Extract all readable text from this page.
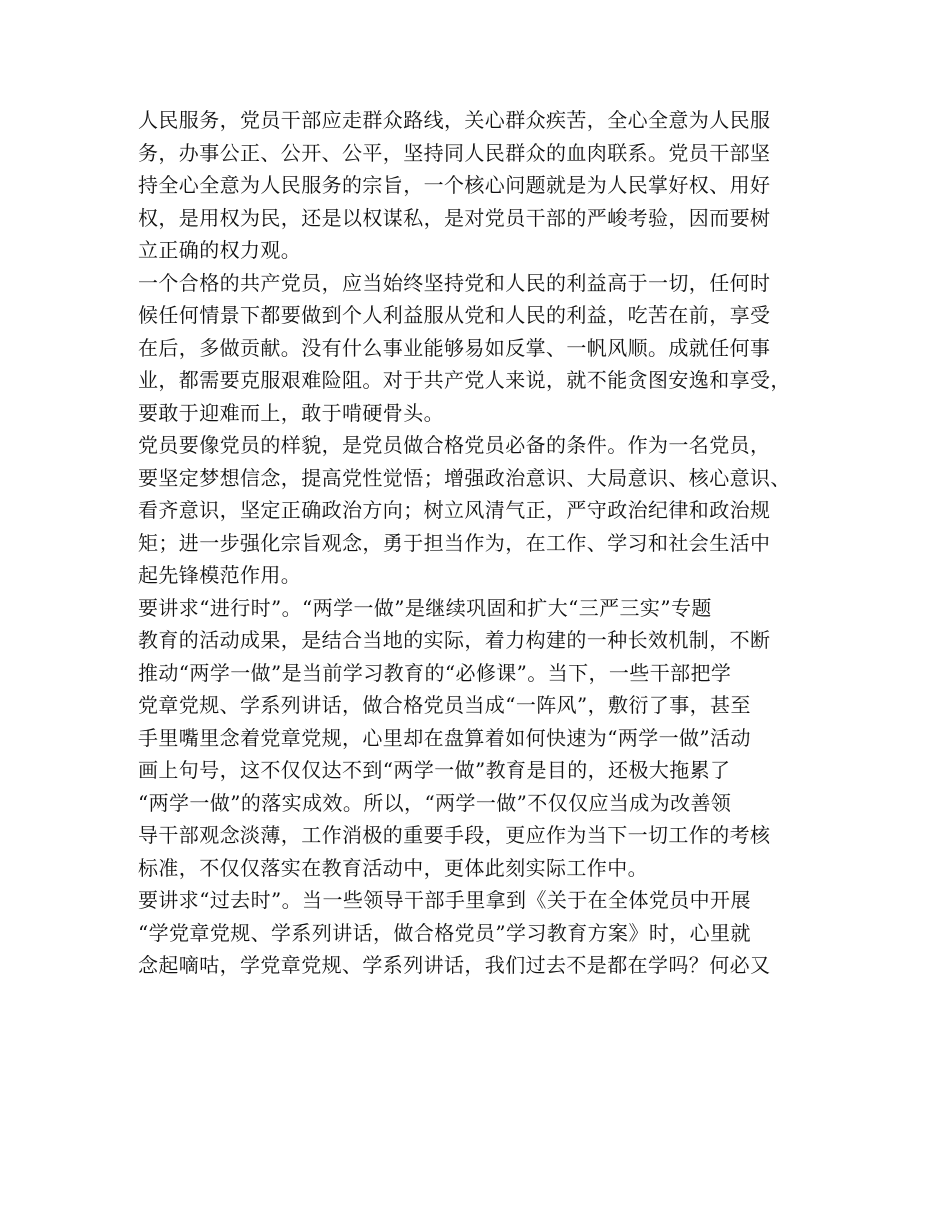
人民服务，党员干部应走群众路线，关心群众疾苦，全心全意为人民服
务，办事公正、公开、公平，坚持同人民群众的血肉联系。党员干部坚
持全心全意为人民服务的宗旨，一个核心问题就是为人民掌好权、用好
权，是用权为民，还是以权谋私，是对党员干部的严峻考验，因而要树
立正确的权力观。
一个合格的共产党员，应当始终坚持党和人民的利益高于一切，任何时
候任何情景下都要做到个人利益服从党和人民的利益，吃苦在前，享受
在后，多做贡献。没有什么事业能够易如反掌、一帆风顺。成就任何事
业，都需要克服艰难险阻。对于共产党人来说，就不能贪图安逸和享受，
要敢于迎难而上，敢于啃硬骨头。
党员要像党员的样貌，是党员做合格党员必备的条件。作为一名党员，
要坚定梦想信念，提高党性觉悟；增强政治意识、大局意识、核心意识、
看齐意识，坚定正确政治方向；树立风清气正，严守政治纪律和政治规
矩；进一步强化宗旨观念，勇于担当作为，在工作、学习和社会生活中
起先锋模范作用。
要讲求“进行时”。“两学一做”是继续巩固和扩大“三严三实”专题
教育的活动成果，是结合当地的实际，着力构建的一种长效机制，不断
推动“两学一做”是当前学习教育的“必修课”。当下，一些干部把学
党章党规、学系列讲话，做合格党员当成“一阵风”，敷衍了事，甚至
手里嘴里念着党章党规，心里却在盘算着如何快速为“两学一做”活动
画上句号，这不仅仅达不到“两学一做”教育是目的，还极大拖累了
“两学一做”的落实成效。所以，“两学一做”不仅仅应当成为改善领
导干部观念淡薄，工作消极的重要手段，更应作为当下一切工作的考核
标准，不仅仅落实在教育活动中，更体此刻实际工作中。
要讲求“过去时”。当一些领导干部手里拿到《关于在全体党员中开展
“学党章党规、学系列讲话，做合格党员”学习教育方案》时，心里就
念起嘀咕，学党章党规、学系列讲话，我们过去不是都在学吗？何必又
